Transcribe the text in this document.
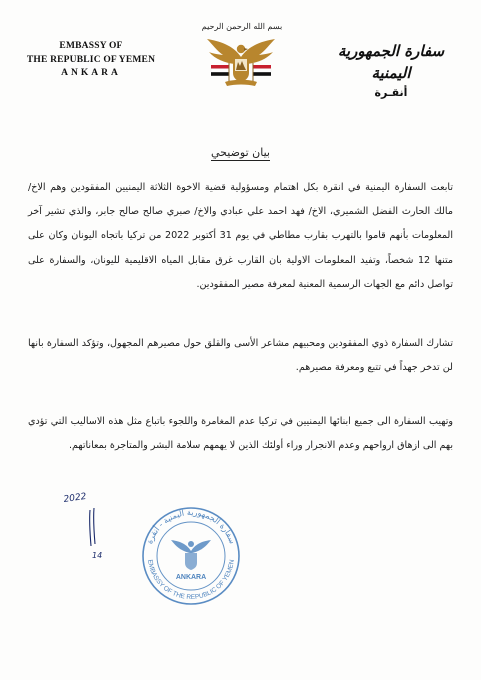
EMBASSY OF
THE REPUBLIC OF YEMEN
ANKARA
بسم الله الرحمن الرحيم
سفارة الجمهورية اليمنية
أنقـرة
بيان توضيحي
تابعت السفارة اليمنية في انقرة بكل اهتمام ومسؤولية قضية الاخوة الثلاثة اليمنيين المفقودين وهم الاخ/ مالك الحارث الفضل الشميري، الاخ/ فهد احمد علي عبادي والاخ/ صبري صالح صالح جابر، والذي تشير آخر المعلومات بأنهم قاموا بالتهرب بقارب مطاطي في يوم 31 أكتوبر 2022 من تركيا باتجاه اليونان وكان على متنها 12 شخصاً، وتفيد المعلومات الاولية بان القارب غرق مقابل المياه الاقليمية لليونان، والسفارة على تواصل دائم مع الجهات الرسمية المعنية لمعرفة مصير المفقودين.
تشارك السفارة ذوي المفقودين ومحبيهم مشاعر الأسى والقلق حول مصيرهم المجهول، وتؤكد السفارة بانها لن تدخر جهداً في تتبع ومعرفة مصيرهم.
وتهيب السفارة الى جميع ابنائها اليمنيين في تركيا عدم المغامرة واللجوء باتباع مثل هذه الاساليب التي تؤدي بهم الى ازهاق ارواحهم وعدم الانجرار وراء أولئك الذين لا يهمهم سلامة البشر والمتاجرة بمعاناتهم.
2022
14
سفارة الجمهورية اليمنية - أنقرة
EMBASSY OF THE REPUBLIC OF YEMEN
ANKARA
